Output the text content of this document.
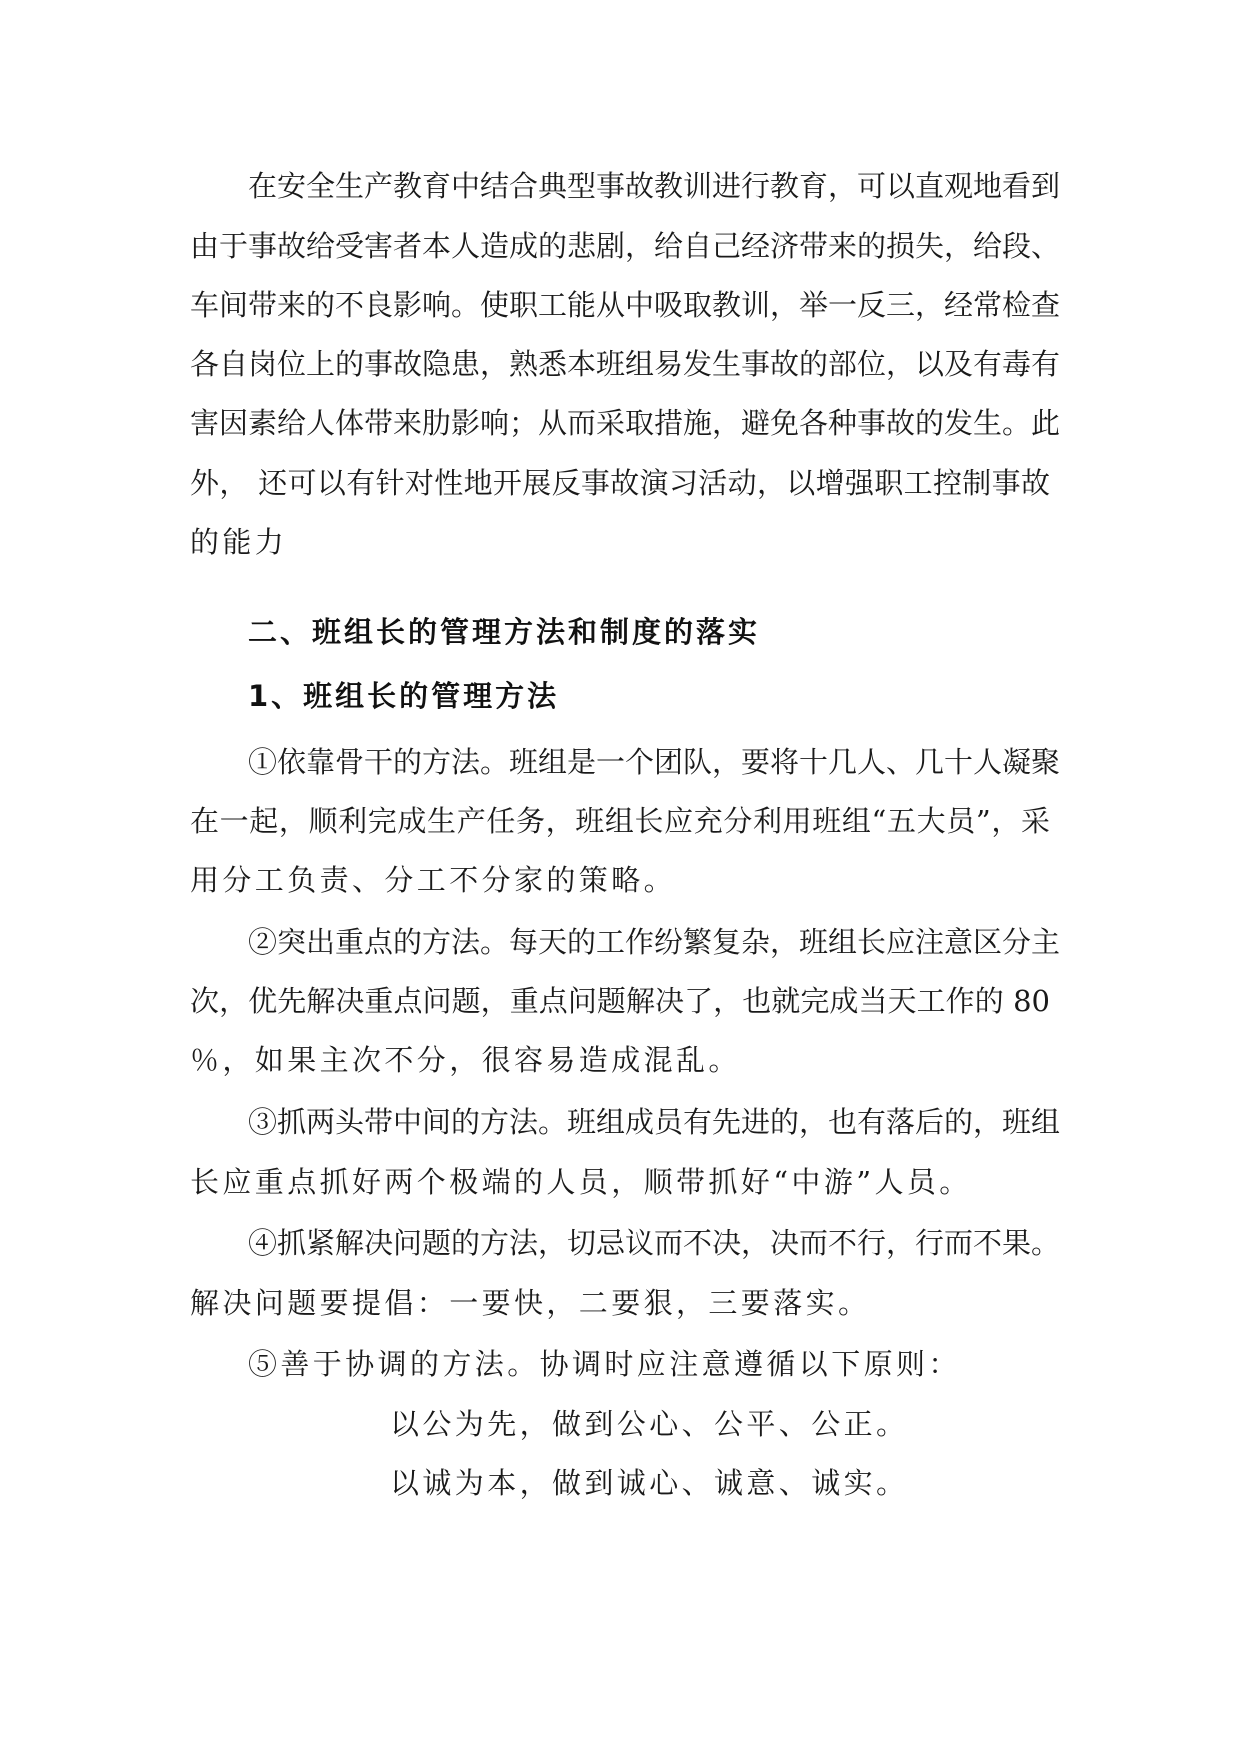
在安全生产教育中结合典型事故教训进行教育，可以直观地看到
由于事故给受害者本人造成的悲剧，给自己经济带来的损失，给段、
车间带来的不良影响。使职工能从中吸取教训，举一反三，经常检查
各自岗位上的事故隐患，熟悉本班组易发生事故的部位，以及有毒有
害因素给人体带来肋影响；从而采取措施，避免各种事故的发生。此
外， 还可以有针对性地开展反事故演习活动，以增强职工控制事故
的能力
二、班组长的管理方法和制度的落实
1、班组长的管理方法
①依靠骨干的方法。班组是一个团队，要将十几人、几十人凝聚
在一起，顺利完成生产任务，班组长应充分利用班组“五大员”，采
用分工负责、分工不分家的策略。
②突出重点的方法。每天的工作纷繁复杂，班组长应注意区分主
次，优先解决重点问题，重点问题解决了，也就完成当天工作的 80
％，如果主次不分，很容易造成混乱。
③抓两头带中间的方法。班组成员有先进的，也有落后的，班组
长应重点抓好两个极端的人员，顺带抓好“中游”人员。
④抓紧解决问题的方法，切忌议而不决，决而不行，行而不果。
解决问题要提倡：一要快，二要狠，三要落实。
⑤善于协调的方法。协调时应注意遵循以下原则：
以公为先，做到公心、公平、公正。
以诚为本，做到诚心、诚意、诚实。
